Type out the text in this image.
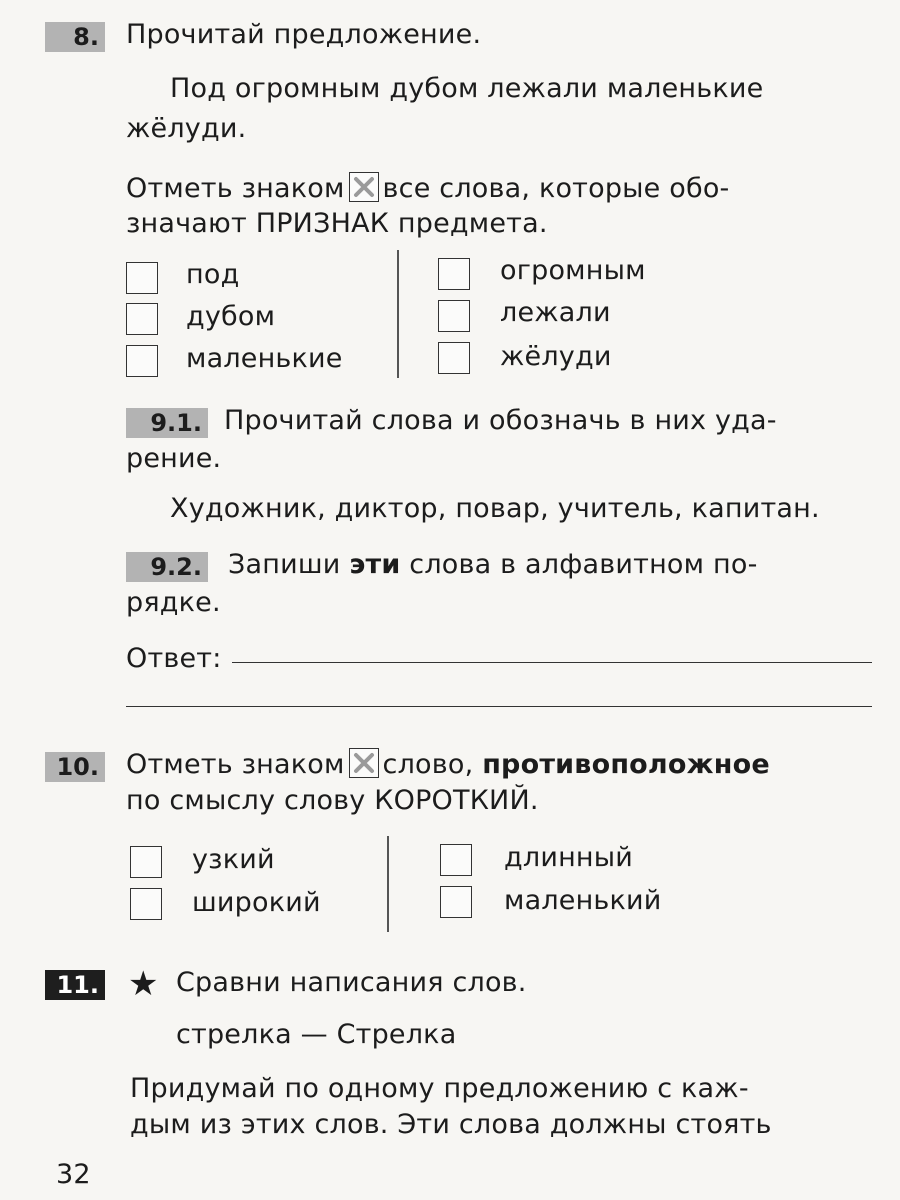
8. Прочитай предложение.
Под огромным дубом лежали маленькие
жёлуди.
Отметь знаком все слова, которые обо-
значают ПРИЗНАК предмета.
под
дубом
маленькие
огромным
лежали
жёлуди
9.1. Прочитай слова и обозначь в них уда-
рение.
Художник, диктор, повар, учитель, капитан.
9.2. Запиши эти слова в алфавитном по-
рядке.
Ответ:
10. Отметь знаком слово, противоположное
по смыслу слову КОРОТКИЙ.
узкий
широкий
длинный
маленький
11. ★ Сравни написания слов.
стрелка — Стрелка
Придумай по одному предложению с каж-
дым из этих слов. Эти слова должны стоять
32
